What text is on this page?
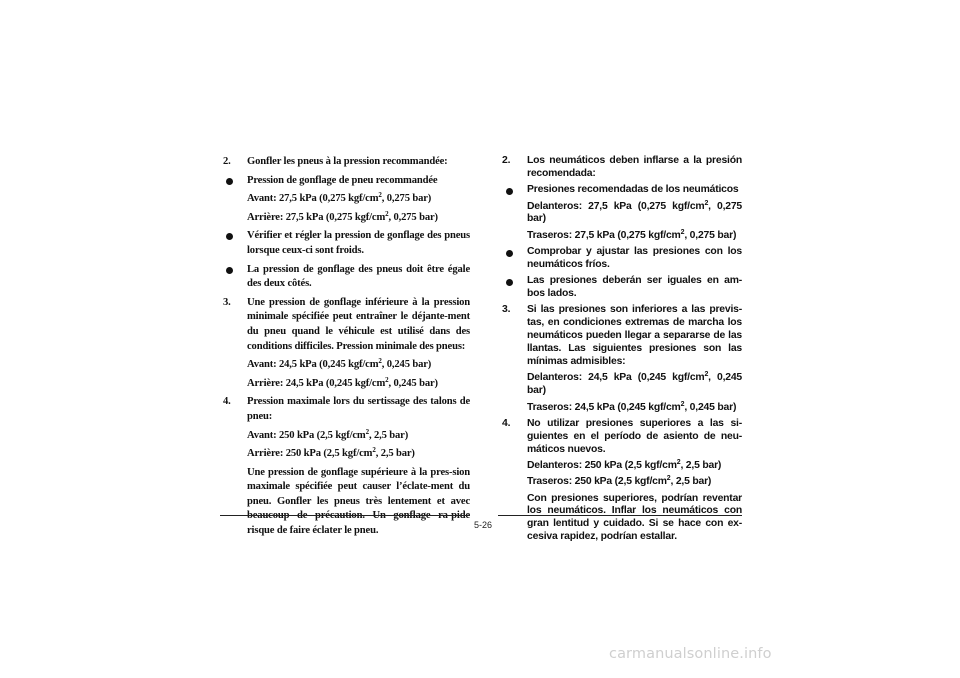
2. Gonfler les pneus à la pression recommandée:

Pression de gonflage de pneu recommandée

Avant: 27,5 kPa (0,275 kgf/$cm^2$, 0,275 bar)

Arrière: 27,5 kPa (0,275 kgf/$cm^2$, 0,275 bar)

Vérifier et régler la pression de gonflage des pneus lorsque ceux-ci sont froids.

La pression de gonflage des pneus doit être égale des deux côtés.

3. Une pression de gonflage inférieure à la pression minimale spécifiée peut entraîner le déjante-ment du pneu quand le véhicule est utilisé dans des conditions difficiles. Pression minimale des pneus:

Avant: 24,5 kPa (0,245 kgf/$cm^2$, 0,245 bar)

Arrière: 24,5 kPa (0,245 kgf/$cm^2$, 0,245 bar)

4. Pression maximale lors du sertissage des talons de pneu:

Avant: 250 kPa (2,5 kgf/$cm^2$, 2,5 bar)

Arrière: 250 kPa (2,5 kgf/$cm^2$, 2,5 bar)

Une pression de gonflage supérieure à la pres-sion maximale spécifiée peut causer l’éclate-ment du pneu. Gonfler les pneus très lentement et avec beaucoup de précaution. Un gonflage ra-pide risque de faire éclater le pneu.

2. Los neumáticos deben inflarse a la presión recomendada:

Presiones recomendadas de los neumáticos

Delanteros: 27,5 kPa (0,275 kgf/$cm^2$, 0,275 bar)

Traseros: 27,5 kPa (0,275 kgf/$cm^2$, 0,275 bar)

Comprobar y ajustar las presiones con los neumáticos fríos.

Las presiones deberán ser iguales en am-bos lados.

3. Si las presiones son inferiores a las previs-tas, en condiciones extremas de marcha los neumáticos pueden llegar a separarse de las llantas. Las siguientes presiones son las mínimas admisibles:

Delanteros: 24,5 kPa (0,245 kgf/$cm^2$, 0,245 bar)

Traseros: 24,5 kPa (0,245 kgf/$cm^2$, 0,245 bar)

4. No utilizar presiones superiores a las si-guientes en el período de asiento de neu-máticos nuevos.

Delanteros: 250 kPa (2,5 kgf/$cm^2$, 2,5 bar)

Traseros: 250 kPa (2,5 kgf/$cm^2$, 2,5 bar)

Con presiones superiores, podrían reventar los neumáticos. Inflar los neumáticos con gran lentitud y cuidado. Si se hace con ex-cesiva rapidez, podrían estallar.

5-26
carmanualsonline.info
